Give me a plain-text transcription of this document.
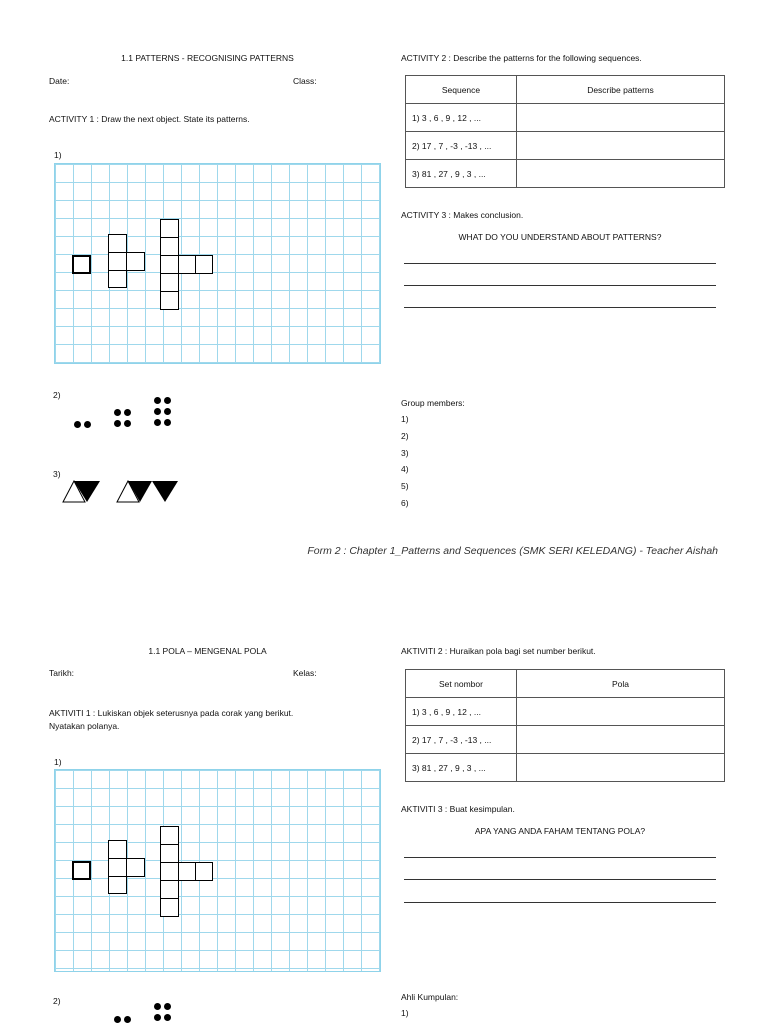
1.1 PATTERNS - RECOGNISING PATTERNS
Date:	Class:
ACTIVITY 1 : Draw the next object. State its patterns.
1)
2)
3)
ACTIVITY 2 : Describe the patterns for the following sequences.
Sequence	Describe patterns
1) 3 , 6 , 9 , 12 , ...	
2) 17 , 7 , -3 , -13 , ...	
3) 81 , 27 , 9 , 3 , ...	
ACTIVITY 3 : Makes conclusion.
WHAT DO YOU UNDERSTAND ABOUT PATTERNS?
Group members:
1)
2)
3)
4)
5)
6)
Form 2 : Chapter 1_Patterns and Sequences (SMK SERI KELEDANG) - Teacher Aishah
1.1 POLA – MENGENAL POLA
Tarikh:	Kelas:
AKTIVITI 1 : Lukiskan objek seterusnya pada corak yang berikut.
Nyatakan polanya.
1)
2)
AKTIVITI 2 : Huraikan pola bagi set number berikut.
Set nombor	Pola
1) 3 , 6 , 9 , 12 , ...	
2) 17 , 7 , -3 , -13 , ...	
3) 81 , 27 , 9 , 3 , ...	
AKTIVITI 3 : Buat kesimpulan.
APA YANG ANDA FAHAM TENTANG POLA?
Ahli Kumpulan:
1)
